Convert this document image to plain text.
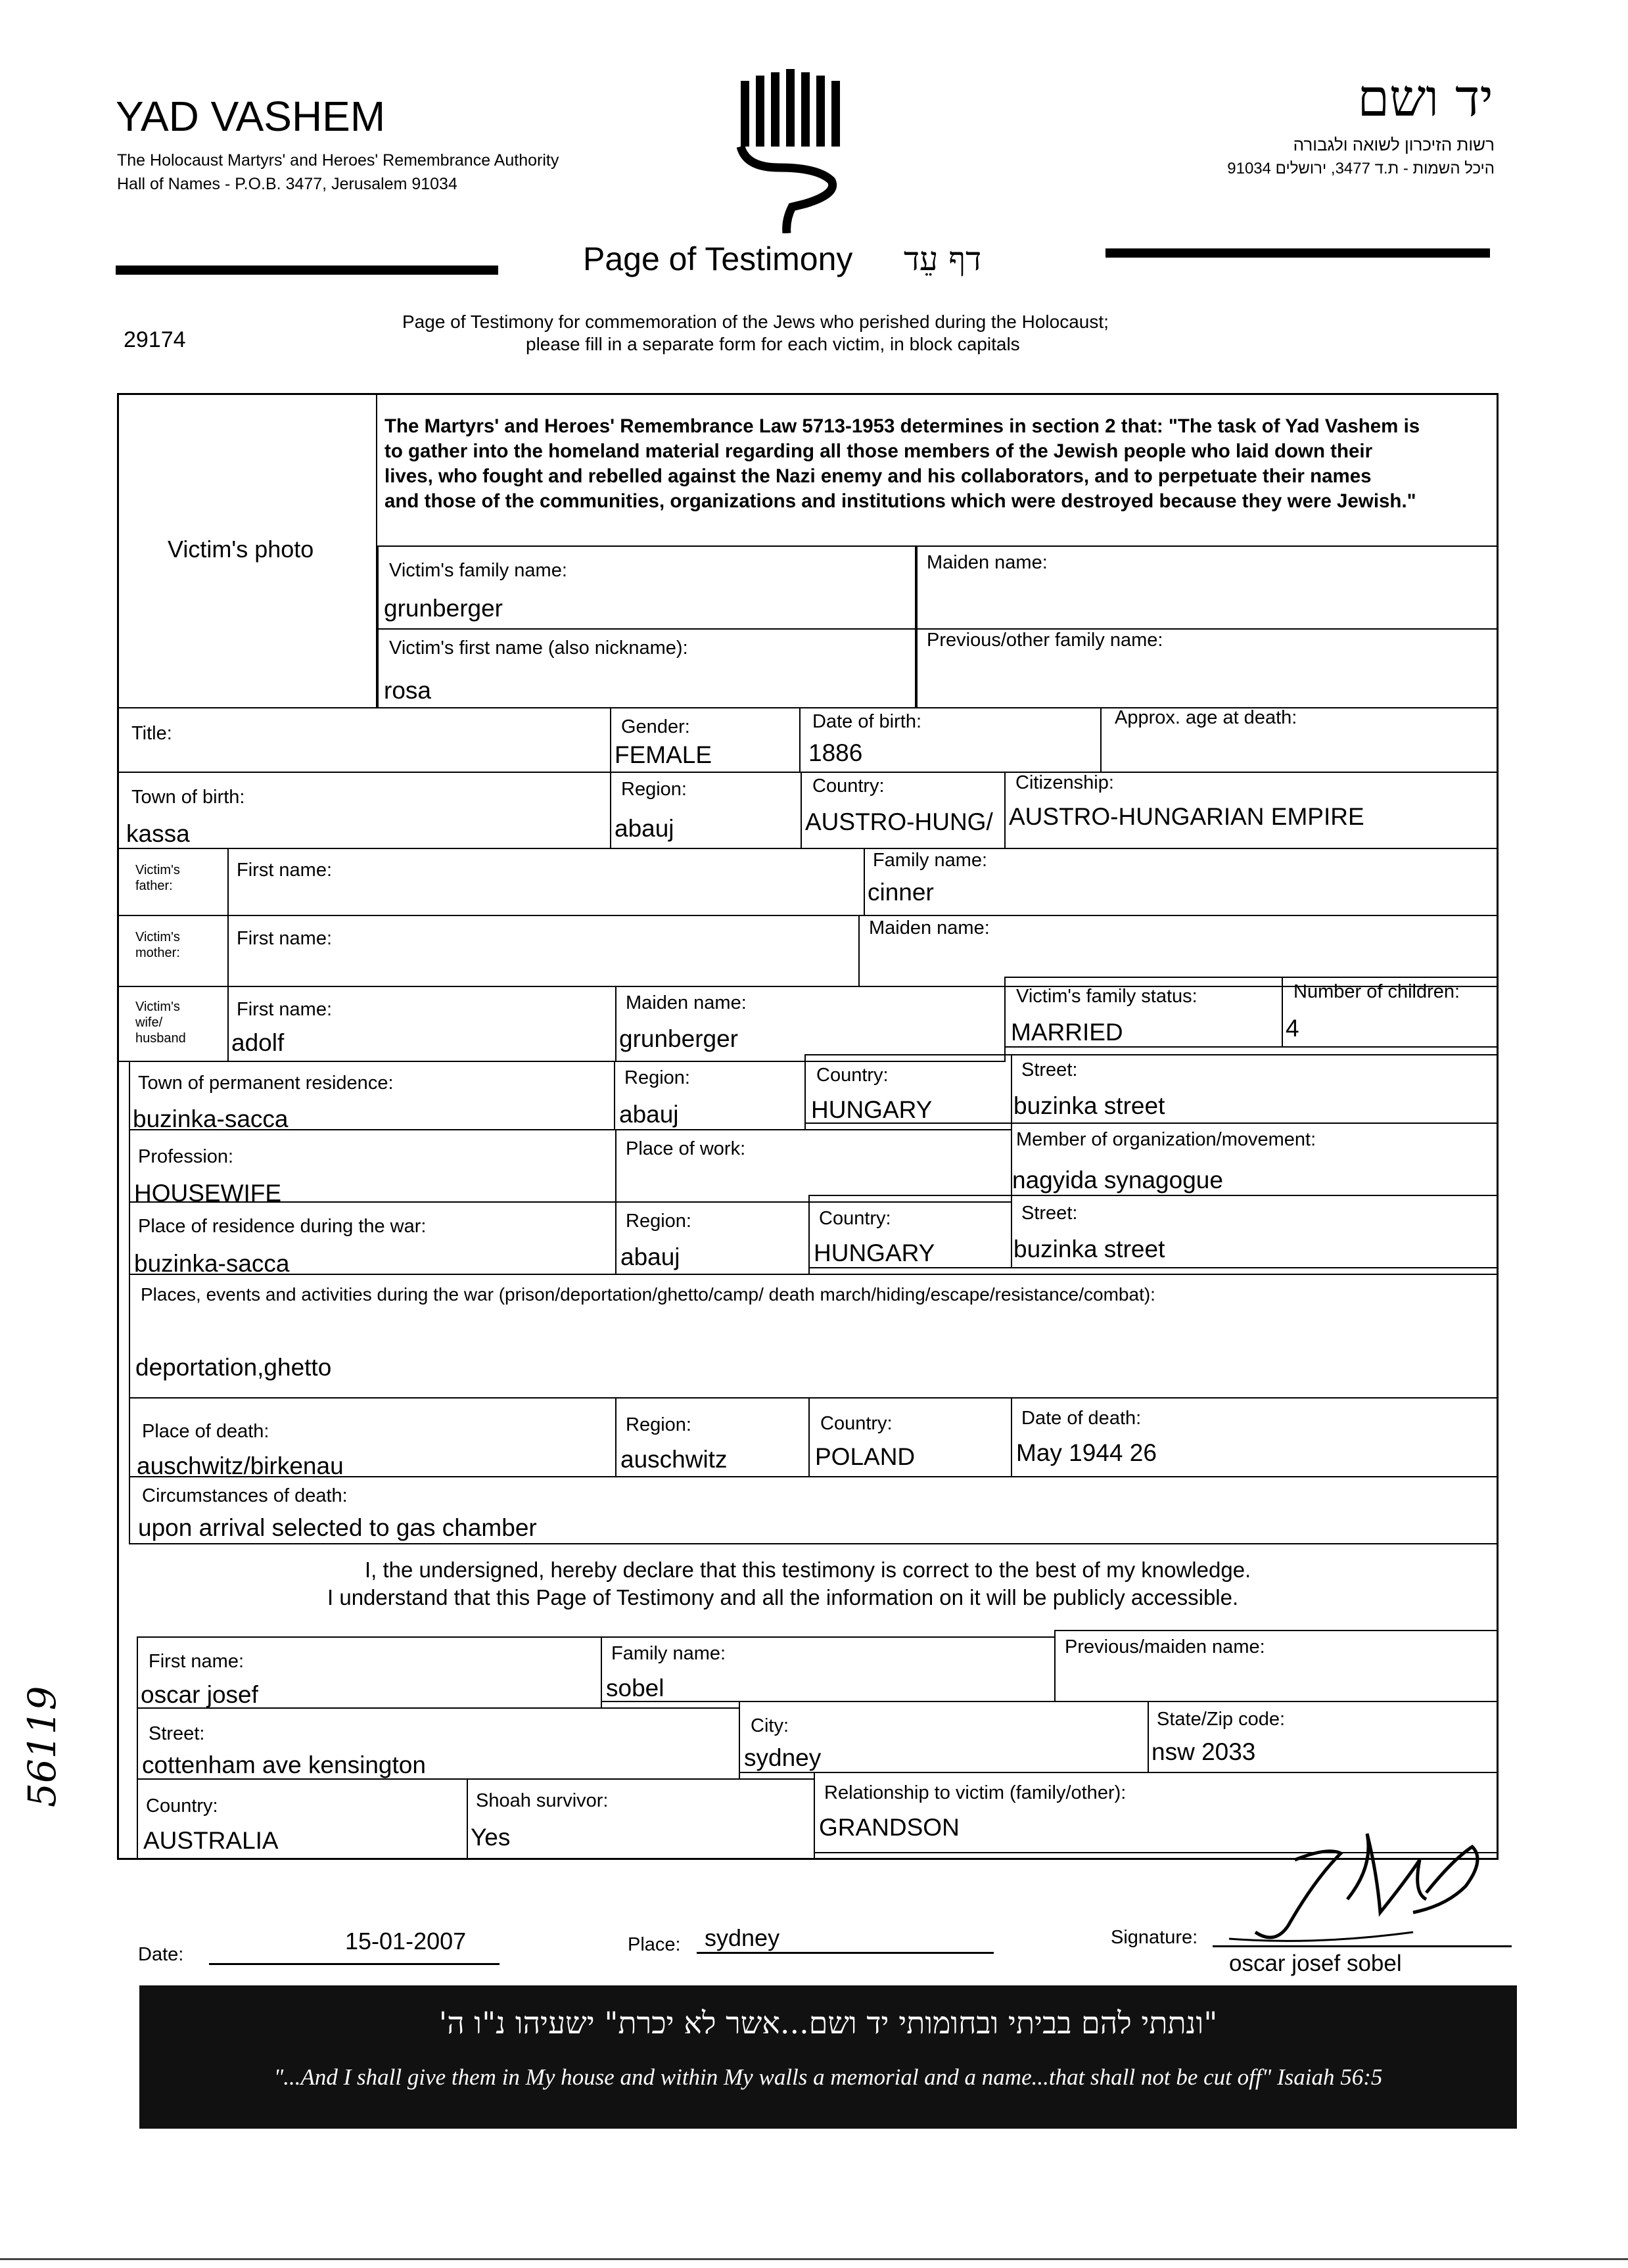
YAD VASHEM
The Holocaust Martyrs' and Heroes' Remembrance Authority
Hall of Names - P.O.B. 3477, Jerusalem 91034
יד ושם
רשות הזיכרון לשואה ולגבורה
היכל השמות - ת.ד 3477, ירושלים 91034
Page of Testimony דף עֵד
29174
Page of Testimony for commemoration of the Jews who perished during the Holocaust;
please fill in a separate form for each victim, in block capitals
Victim's photo
The Martyrs' and Heroes' Remembrance Law 5713-1953 determines in section 2 that: "The task of Yad Vashem is
to gather into the homeland material regarding all those members of the Jewish people who laid down their
lives, who fought and rebelled against the Nazi enemy and his collaborators, and to perpetuate their names
and those of the communities, organizations and institutions which were destroyed because they were Jewish."
Victim's family name:
grunberger
Maiden name:
Victim's first name (also nickname):
rosa
Previous/other family name:
Title:	Gender:
FEMALE
Date of birth:
1886
Approx. age at death:
Town of birth:
kassa
Region:
abauj
Country:
AUSTRO-HUNG/
Citizenship:
AUSTRO-HUNGARIAN EMPIRE
Victim's
father:
First name:	Family name:
cinner
Victim's
mother:
First name:	Maiden name:
Victim's
wife/
husband
First name:
adolf
Maiden name:
grunberger
Victim's family status:
MARRIED
Number of children:
4
Town of permanent residence:
buzinka-sacca
Region:
abauj
Country:
HUNGARY
Street:
buzinka street
Profession:
HOUSEWIFE
Place of work:	Member of organization/movement:
nagyida synagogue
Place of residence during the war:
buzinka-sacca
Region:
abauj
Country:
HUNGARY
Street:
buzinka street
Places, events and activities during the war (prison/deportation/ghetto/camp/ death march/hiding/escape/resistance/combat):
deportation,ghetto
Place of death:
auschwitz/birkenau
Region:
auschwitz
Country:
POLAND
Date of death:
May 1944 26
Circumstances of death:
upon arrival selected to gas chamber
I, the undersigned, hereby declare that this testimony is correct to the best of my knowledge.
I understand that this Page of Testimony and all the information on it will be publicly accessible.
First name:
oscar josef
Family name:
sobel
Previous/maiden name:
Street:
cottenham ave kensington
City:
sydney
State/Zip code:
nsw 2033
Country:
AUSTRALIA
Shoah survivor:
Yes
Relationship to victim (family/other):
GRANDSON
56119
Date:	15-01-2007	Place: sydney	Signature:
oscar josef sobel
"ונתתי להם בביתי ובחומותי יד ושם...אשר לא יכרת" ישעיהו נ"ו ה'
"...And I shall give them in My house and within My walls a memorial and a name...that shall not be cut off" Isaiah 56:5
